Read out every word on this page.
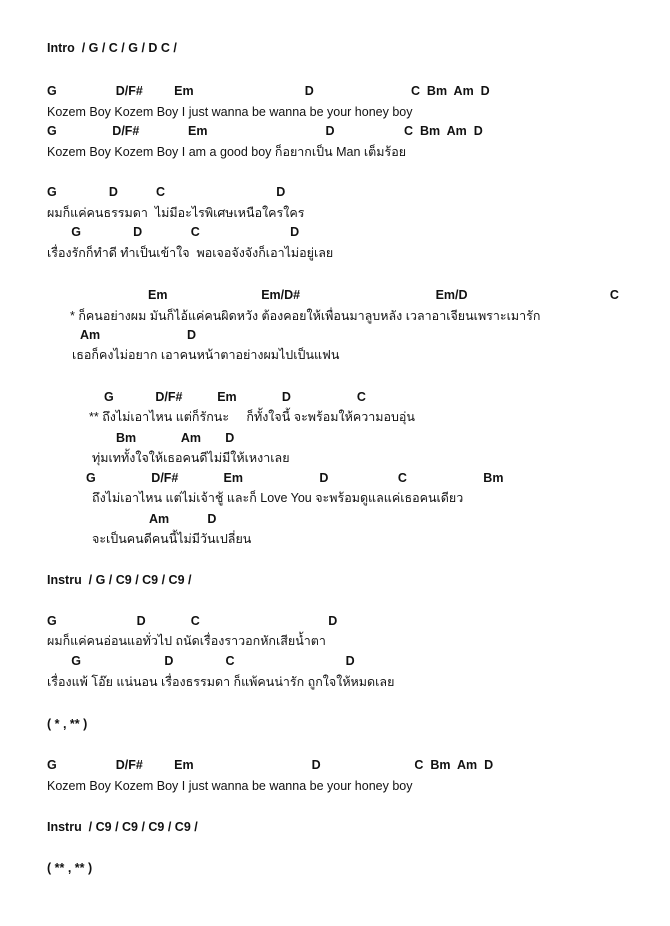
Intro  / G / C / G / D C /
G                 D/F#         Em                                D                            C  Bm  Am  D
Kozem Boy Kozem Boy I just wanna be wanna be your honey boy
G                D/F#              Em                                  D                    C  Bm  Am  D
Kozem Boy Kozem Boy I am a good boy ก็อยากเป็น Man เต็มร้อย
G               D           C                                D
ผมก็แค่คนธรรมดา  ไม่มีอะไรพิเศษเหนือใครใคร
G               D              C                          D
เรื่องรักก็ทำดี ทำเป็นเข้าใจ  พอเจอจังจังก็เอาไม่อยู่เลย
Em                           Em/D#                                       Em/D                                         C
* ก็คนอย่างผม มันก็ไอ้แค่คนผิดหวัง ต้องคอยให้เพื่อนมาลูบหลัง เวลาอาเจียนเพราะเมารัก
Am                         D
เธอก็คงไม่อยาก เอาคนหน้าตาอย่างผมไปเป็นแฟน
G            D/F#          Em             D                   C
** ถึงไม่เอาไหน แต่ก็รักนะ     ก็ทั้งใจนี้ จะพร้อมให้ความอบอุ่น
Bm             Am       D
ทุ่มเททั้งใจให้เธอคนดีไม่มีให้เหงาเลย
G                D/F#             Em                      D                    C                      Bm
ถึงไม่เอาไหน แต่ไม่เจ้าชู้ และก็ Love You จะพร้อมดูแลแค่เธอคนเดียว
Am           D
จะเป็นคนดีคนนี้ไม่มีวันเปลี่ยน
Instru  / G / C9 / C9 / C9 /
G                       D             C                                     D
ผมก็แค่คนอ่อนแอทั่วไป ถนัดเรื่องราวอกหักเสียน้ำตา
G                        D               C                                D
เรื่องแพ้ โอ๊ย แน่นอน เรื่องธรรมดา ก็แพ้คนน่ารัก ถูกใจให้หมดเลย
( * , ** )
G                 D/F#         Em                                  D                           C  Bm  Am  D
Kozem Boy Kozem Boy I just wanna be wanna be your honey boy
Instru  / C9 / C9 / C9 / C9 /
( ** , ** )
